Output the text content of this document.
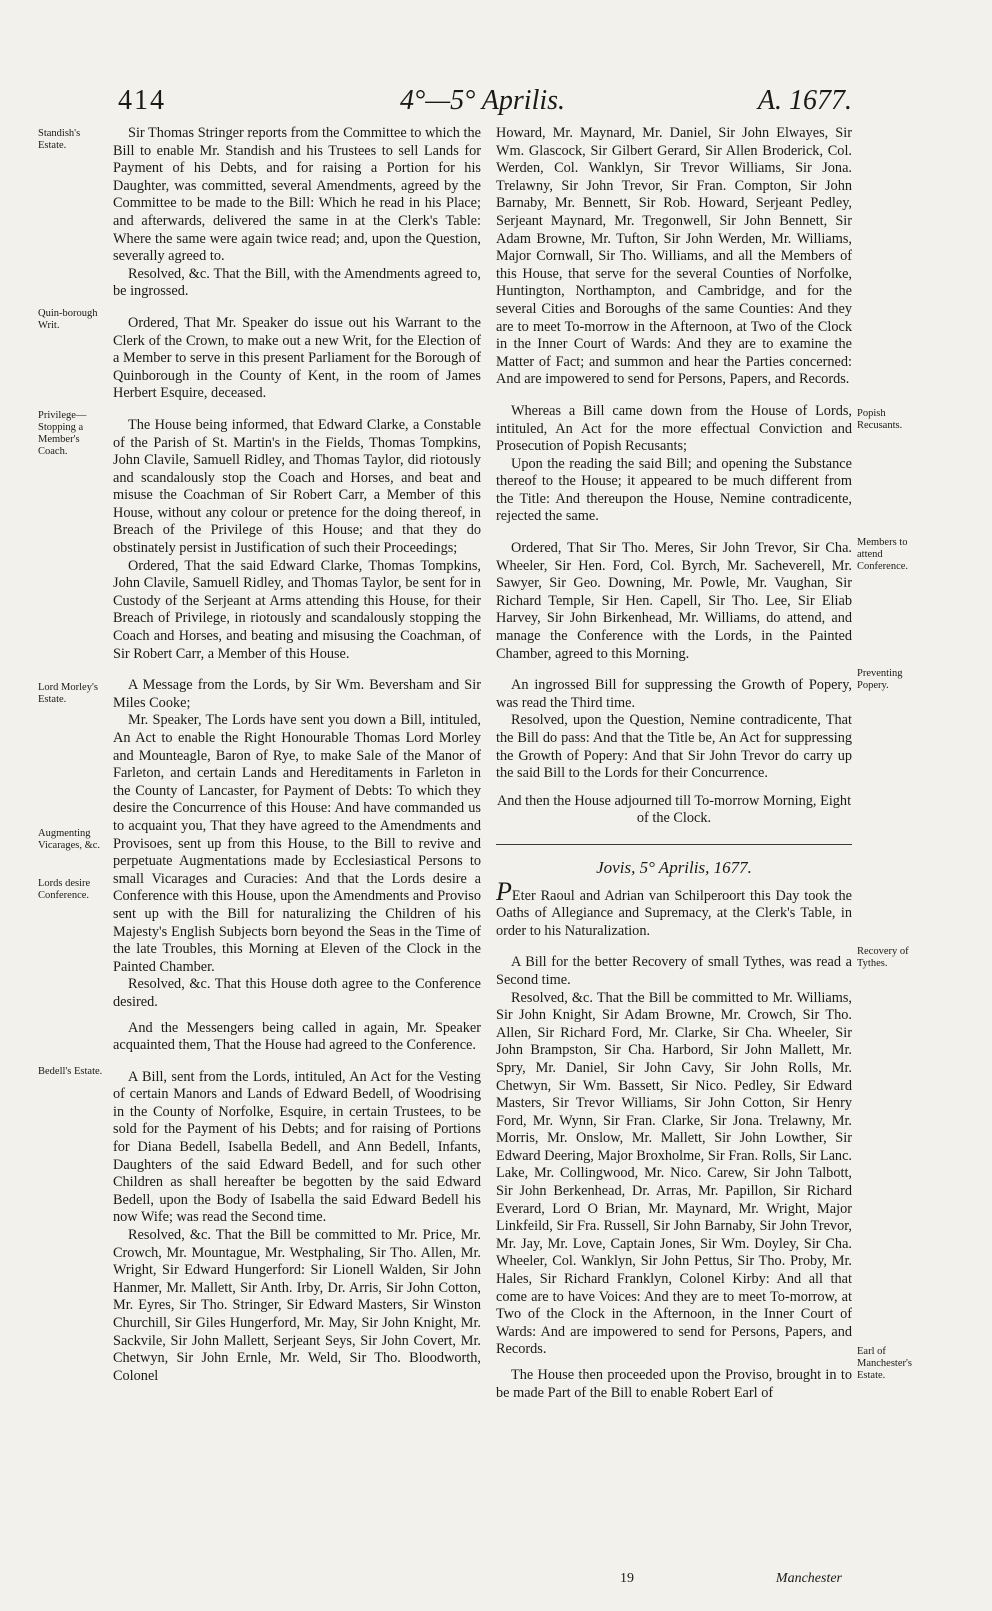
414	4°—5° Aprilis.	A. 1677.
Standish's Estate.
Quin-borough Writ.
Privilege—Stopping a Member's Coach.
Lord Morley's Estate.
Augmenting Vicarages, &c.
Lords desire Conference.
Bedell's Estate.
Popish Recusants.
Members to attend Conference.
Preventing Popery.
Recovery of Tythes.
Earl of Manchester's Estate.

Sir Thomas Stringer reports from the Committee to which the Bill to enable Mr. Standish and his Trustees to sell Lands for Payment of his Debts, and for raising a Portion for his Daughter, was committed, several Amendments, agreed by the Committee to be made to the Bill: Which he read in his Place; and afterwards, delivered the same in at the Clerk's Table: Where the same were again twice read; and, upon the Question, severally agreed to.

Resolved, &c. That the Bill, with the Amendments agreed to, be ingrossed.

Ordered, That Mr. Speaker do issue out his Warrant to the Clerk of the Crown, to make out a new Writ, for the Election of a Member to serve in this present Parliament for the Borough of Quinborough in the County of Kent, in the room of James Herbert Esquire, deceased.

The House being informed, that Edward Clarke, a Constable of the Parish of St. Martin's in the Fields, Thomas Tompkins, John Clavile, Samuell Ridley, and Thomas Taylor, did riotously and scandalously stop the Coach and Horses, and beat and misuse the Coachman of Sir Robert Carr, a Member of this House, without any colour or pretence for the doing thereof, in Breach of the Privilege of this House; and that they do obstinately persist in Justification of such their Proceedings;

Ordered, That the said Edward Clarke, Thomas Tompkins, John Clavile, Samuell Ridley, and Thomas Taylor, be sent for in Custody of the Serjeant at Arms attending this House, for their Breach of Privilege, in riotously and scandalously stopping the Coach and Horses, and beating and misusing the Coachman, of Sir Robert Carr, a Member of this House.

A Message from the Lords, by Sir Wm. Beversham and Sir Miles Cooke;

Mr. Speaker, The Lords have sent you down a Bill, intituled, An Act to enable the Right Honourable Thomas Lord Morley and Mounteagle, Baron of Rye, to make Sale of the Manor of Farleton, and certain Lands and Hereditaments in Farleton in the County of Lancaster, for Payment of Debts: To which they desire the Concurrence of this House: And have commanded us to acquaint you, That they have agreed to the Amendments and Provisoes, sent up from this House, to the Bill to revive and perpetuate Augmentations made by Ecclesiastical Persons to small Vicarages and Curacies: And that the Lords desire a Conference with this House, upon the Amendments and Proviso sent up with the Bill for naturalizing the Children of his Majesty's English Subjects born beyond the Seas in the Time of the late Troubles, this Morning at Eleven of the Clock in the Painted Chamber.

Resolved, &c. That this House doth agree to the Conference desired.

And the Messengers being called in again, Mr. Speaker acquainted them, That the House had agreed to the Conference.

A Bill, sent from the Lords, intituled, An Act for the Vesting of certain Manors and Lands of Edward Bedell, of Woodrising in the County of Norfolke, Esquire, in certain Trustees, to be sold for the Payment of his Debts; and for raising of Portions for Diana Bedell, Isabella Bedell, and Ann Bedell, Infants, Daughters of the said Edward Bedell, and for such other Children as shall hereafter be begotten by the said Edward Bedell, upon the Body of Isabella the said Edward Bedell his now Wife; was read the Second time.

Resolved, &c. That the Bill be committed to Mr. Price, Mr. Crowch, Mr. Mountague, Mr. Westphaling, Sir Tho. Allen, Mr. Wright, Sir Edward Hungerford: Sir Lionell Walden, Sir John Hanmer, Mr. Mallett, Sir Anth. Irby, Dr. Arris, Sir John Cotton, Mr. Eyres, Sir Tho. Stringer, Sir Edward Masters, Sir Winston Churchill, Sir Giles Hungerford, Mr. May, Sir John Knight, Mr. Sackvile, Sir John Mallett, Serjeant Seys, Sir John Covert, Mr. Chetwyn, Sir John Ernle, Mr. Weld, Sir Tho. Bloodworth, Colonel

Howard, Mr. Maynard, Mr. Daniel, Sir John Elwayes, Sir Wm. Glascock, Sir Gilbert Gerard, Sir Allen Broderick, Col. Werden, Col. Wanklyn, Sir Trevor Williams, Sir Jona. Trelawny, Sir John Trevor, Sir Fran. Compton, Sir John Barnaby, Mr. Bennett, Sir Rob. Howard, Serjeant Pedley, Serjeant Maynard, Mr. Tregonwell, Sir John Bennett, Sir Adam Browne, Mr. Tufton, Sir John Werden, Mr. Williams, Major Cornwall, Sir Tho. Williams, and all the Members of this House, that serve for the several Counties of Norfolke, Huntington, Northampton, and Cambridge, and for the several Cities and Boroughs of the same Counties: And they are to meet To-morrow in the Afternoon, at Two of the Clock in the Inner Court of Wards: And they are to examine the Matter of Fact; and summon and hear the Parties concerned: And are impowered to send for Persons, Papers, and Records.

Whereas a Bill came down from the House of Lords, intituled, An Act for the more effectual Conviction and Prosecution of Popish Recusants;

Upon the reading the said Bill; and opening the Substance thereof to the House; it appeared to be much different from the Title: And thereupon the House, Nemine contradicente, rejected the same.

Ordered, That Sir Tho. Meres, Sir John Trevor, Sir Cha. Wheeler, Sir Hen. Ford, Col. Byrch, Mr. Sacheverell, Mr. Sawyer, Sir Geo. Downing, Mr. Powle, Mr. Vaughan, Sir Richard Temple, Sir Hen. Capell, Sir Tho. Lee, Sir Eliab Harvey, Sir John Birkenhead, Mr. Williams, do attend, and manage the Conference with the Lords, in the Painted Chamber, agreed to this Morning.

An ingrossed Bill for suppressing the Growth of Popery, was read the Third time.

Resolved, upon the Question, Nemine contradicente, That the Bill do pass: And that the Title be, An Act for suppressing the Growth of Popery: And that Sir John Trevor do carry up the said Bill to the Lords for their Concurrence.

And then the House adjourned till To-morrow Morning, Eight of the Clock.

Jovis, 5° Aprilis, 1677.

PEter Raoul and Adrian van Schilperoort this Day took the Oaths of Allegiance and Supremacy, at the Clerk's Table, in order to his Naturalization.

A Bill for the better Recovery of small Tythes, was read a Second time.

Resolved, &c. That the Bill be committed to Mr. Williams, Sir John Knight, Sir Adam Browne, Mr. Crowch, Sir Tho. Allen, Sir Richard Ford, Mr. Clarke, Sir Cha. Wheeler, Sir John Brampston, Sir Cha. Harbord, Sir John Mallett, Mr. Spry, Mr. Daniel, Sir John Cavy, Sir John Rolls, Mr. Chetwyn, Sir Wm. Bassett, Sir Nico. Pedley, Sir Edward Masters, Sir Trevor Williams, Sir John Cotton, Sir Henry Ford, Mr. Wynn, Sir Fran. Clarke, Sir Jona. Trelawny, Mr. Morris, Mr. Onslow, Mr. Mallett, Sir John Lowther, Sir Edward Deering, Major Broxholme, Sir Fran. Rolls, Sir Lanc. Lake, Mr. Collingwood, Mr. Nico. Carew, Sir John Talbott, Sir John Berkenhead, Dr. Arras, Mr. Papillon, Sir Richard Everard, Lord O Brian, Mr. Maynard, Mr. Wright, Major Linkfeild, Sir Fra. Russell, Sir John Barnaby, Sir John Trevor, Mr. Jay, Mr. Love, Captain Jones, Sir Wm. Doyley, Sir Cha. Wheeler, Col. Wanklyn, Sir John Pettus, Sir Tho. Proby, Mr. Hales, Sir Richard Franklyn, Colonel Kirby: And all that come are to have Voices: And they are to meet To-morrow, at Two of the Clock in the Afternoon, in the Inner Court of Wards: And are impowered to send for Persons, Papers, and Records.

The House then proceeded upon the Proviso, brought in to be made Part of the Bill to enable Robert Earl of

19	Manchester
